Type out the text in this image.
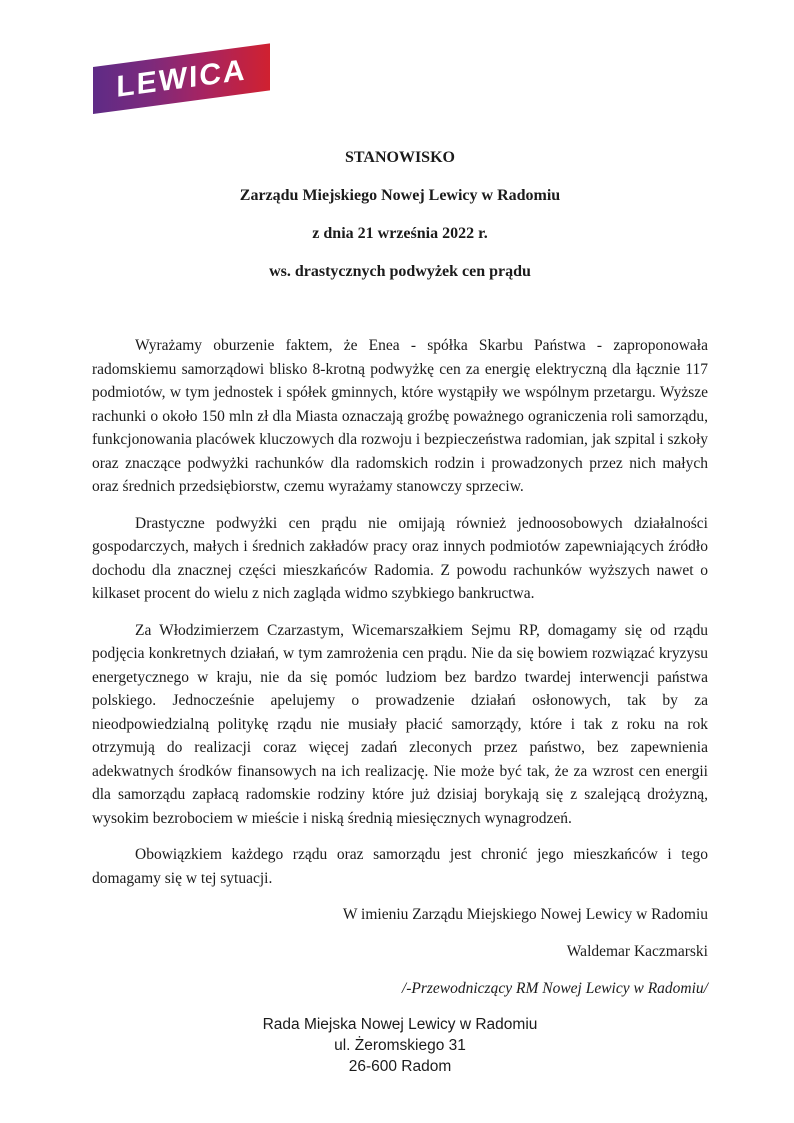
LEWICA
STANOWISKO
Zarządu Miejskiego Nowej Lewicy w Radomiu
z dnia 21 września 2022 r.
ws. drastycznych podwyżek cen prądu

Wyrażamy oburzenie faktem, że Enea - spółka Skarbu Państwa - zaproponowała radomskiemu samorządowi blisko 8-krotną podwyżkę cen za energię elektryczną dla łącznie 117 podmiotów, w tym jednostek i spółek gminnych, które wystąpiły we wspólnym przetargu. Wyższe rachunki o około 150 mln zł dla Miasta oznaczają groźbę poważnego ograniczenia roli samorządu, funkcjonowania placówek kluczowych dla rozwoju i bezpieczeństwa radomian, jak szpital i szkoły oraz znaczące podwyżki rachunków dla radomskich rodzin i prowadzonych przez nich małych oraz średnich przedsiębiorstw, czemu wyrażamy stanowczy sprzeciw.

Drastyczne podwyżki cen prądu nie omijają również jednoosobowych działalności gospodarczych, małych i średnich zakładów pracy oraz innych podmiotów zapewniających źródło dochodu dla znacznej części mieszkańców Radomia. Z powodu rachunków wyższych nawet o kilkaset procent do wielu z nich zagląda widmo szybkiego bankructwa.

Za Włodzimierzem Czarzastym, Wicemarszałkiem Sejmu RP, domagamy się od rządu podjęcia konkretnych działań, w tym zamrożenia cen prądu. Nie da się bowiem rozwiązać kryzysu energetycznego w kraju, nie da się pomóc ludziom bez bardzo twardej interwencji państwa polskiego. Jednocześnie apelujemy o prowadzenie działań osłonowych, tak by za nieodpowiedzialną politykę rządu nie musiały płacić samorządy, które i tak z roku na rok otrzymują do realizacji coraz więcej zadań zleconych przez państwo, bez zapewnienia adekwatnych środków finansowych na ich realizację. Nie może być tak, że za wzrost cen energii dla samorządu zapłacą radomskie rodziny które już dzisiaj borykają się z szalejącą drożyzną, wysokim bezrobociem w mieście i niską średnią miesięcznych wynagrodzeń.

Obowiązkiem każdego rządu oraz samorządu jest chronić jego mieszkańców i tego domagamy się w tej sytuacji.

W imieniu Zarządu Miejskiego Nowej Lewicy w Radomiu

Waldemar Kaczmarski

/-Przewodniczący RM Nowej Lewicy w Radomiu/

Rada Miejska Nowej Lewicy w Radomiu
ul. Żeromskiego 31
26-600 Radom
